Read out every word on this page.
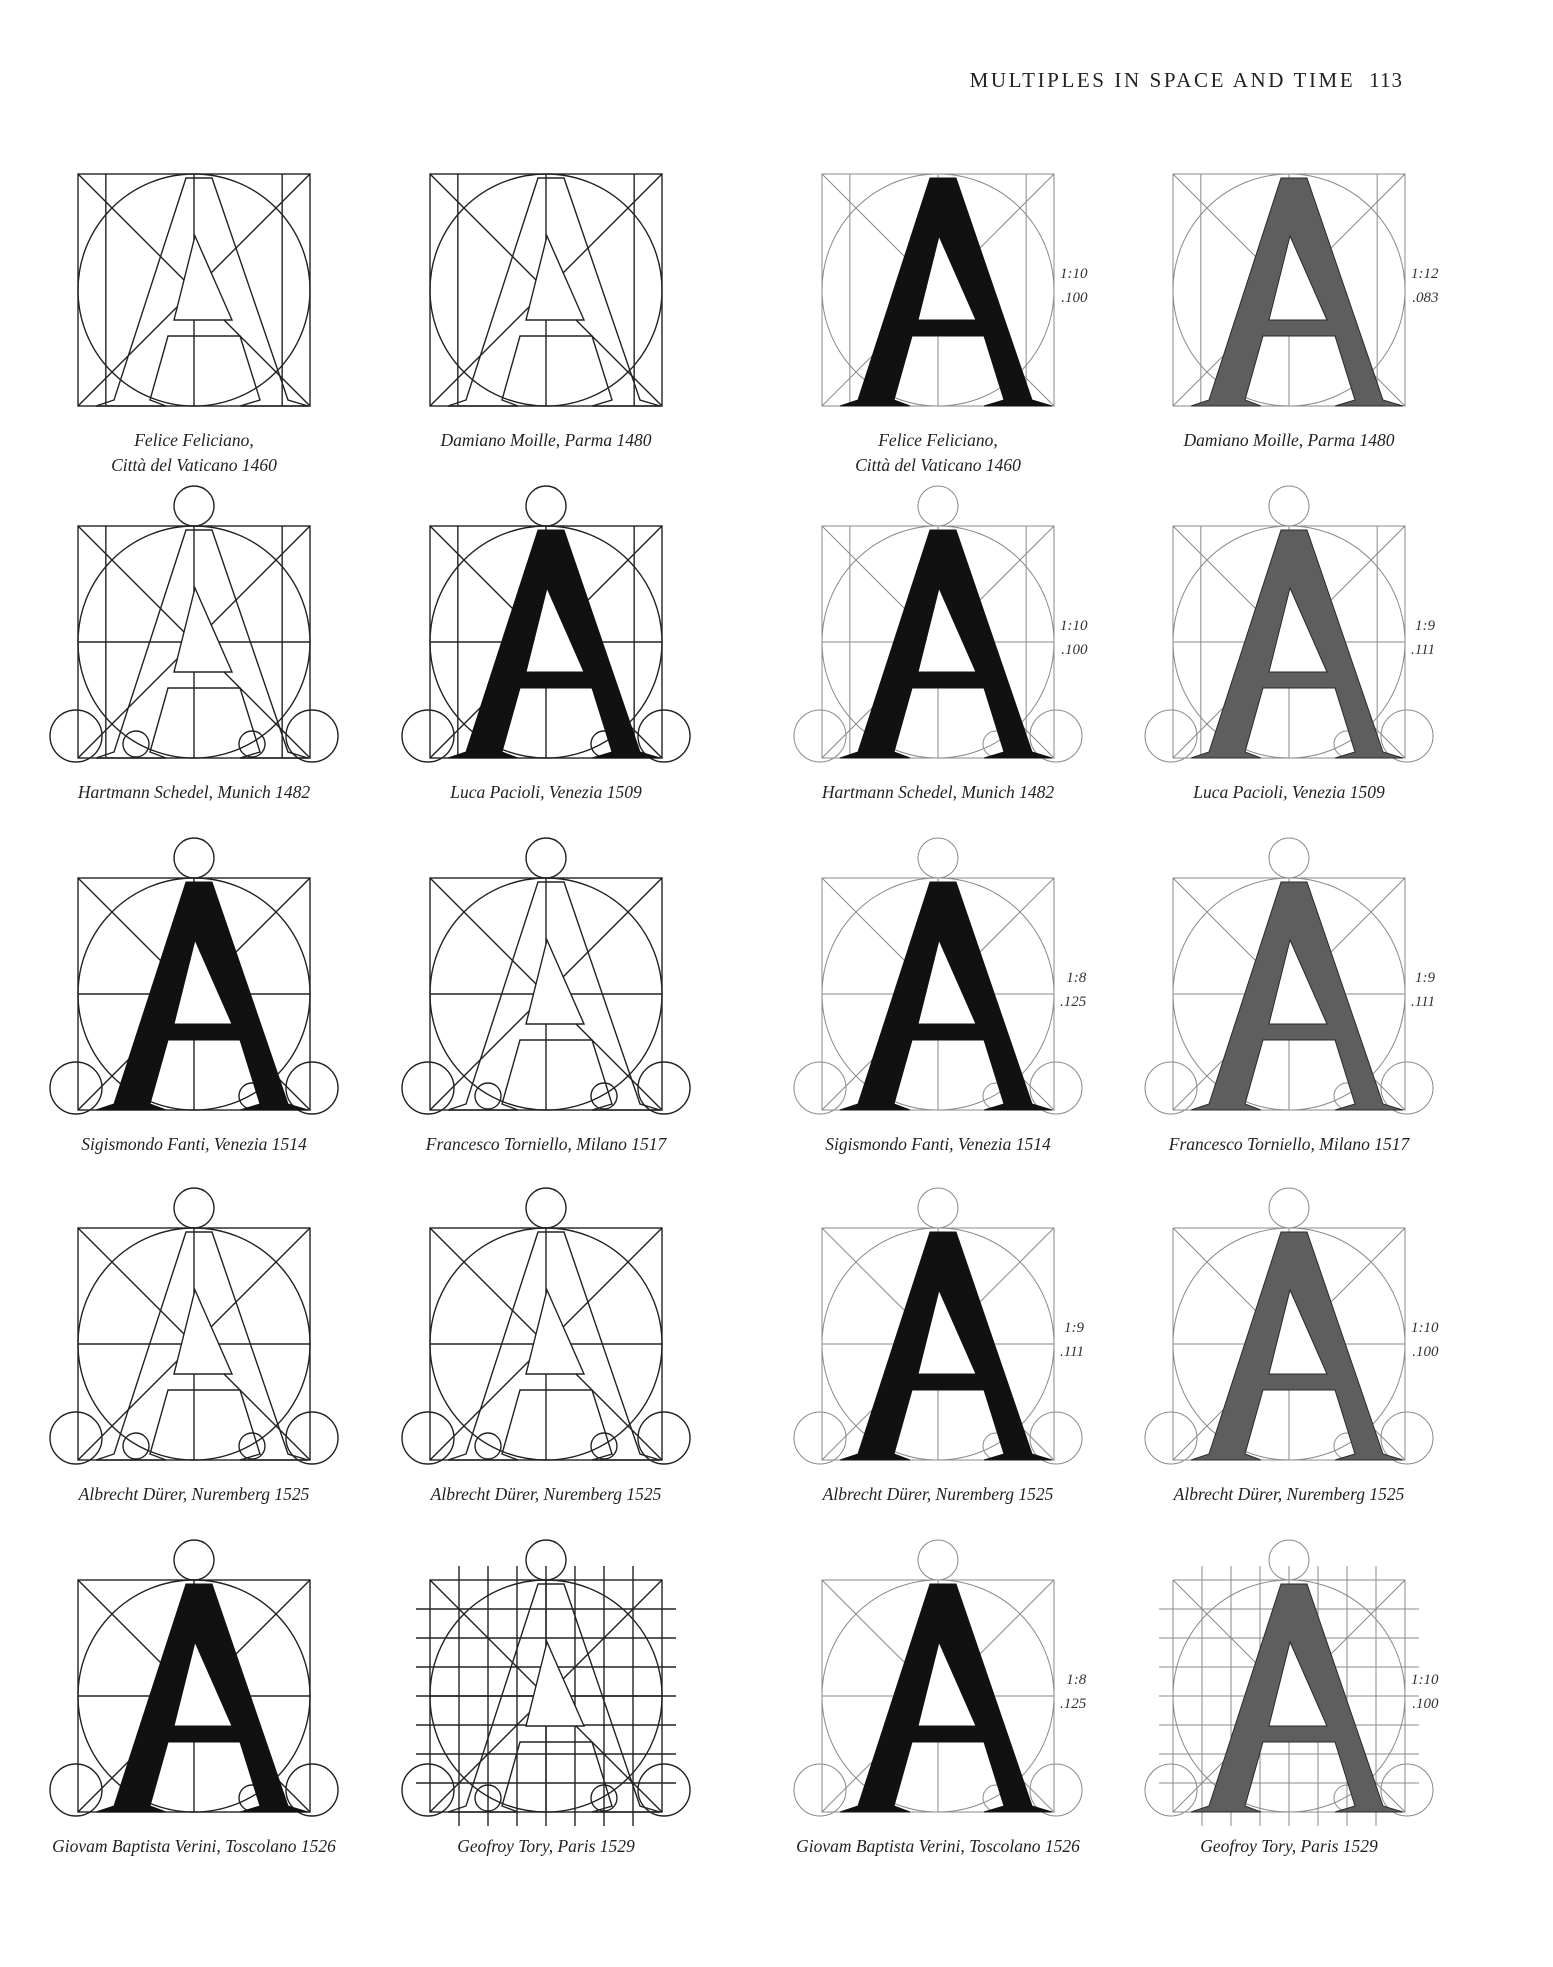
MULTIPLES IN SPACE AND TIME 113
Felice Feliciano,
Città del Vaticano 1460
Damiano Moille, Parma 1480	Felice Feliciano,
Città del Vaticano 1460
1:10
.100
Damiano Moille, Parma 1480
1:12
.083
Hartmann Schedel, Munich 1482	Luca Pacioli, Venezia 1509	Hartmann Schedel, Munich 1482
1:10
.100
Luca Pacioli, Venezia 1509
1:9
.111
Sigismondo Fanti, Venezia 1514	Francesco Torniello, Milano 1517	Sigismondo Fanti, Venezia 1514
1:8
.125
Francesco Torniello, Milano 1517
1:9
.111
Albrecht Dürer, Nuremberg 1525	Albrecht Dürer, Nuremberg 1525	Albrecht Dürer, Nuremberg 1525
1:9
.111
Albrecht Dürer, Nuremberg 1525
1:10
.100
Giovam Baptista Verini, Toscolano 1526	Geofroy Tory, Paris 1529	Giovam Baptista Verini, Toscolano 1526
1:8
.125
Geofroy Tory, Paris 1529
1:10
.100
